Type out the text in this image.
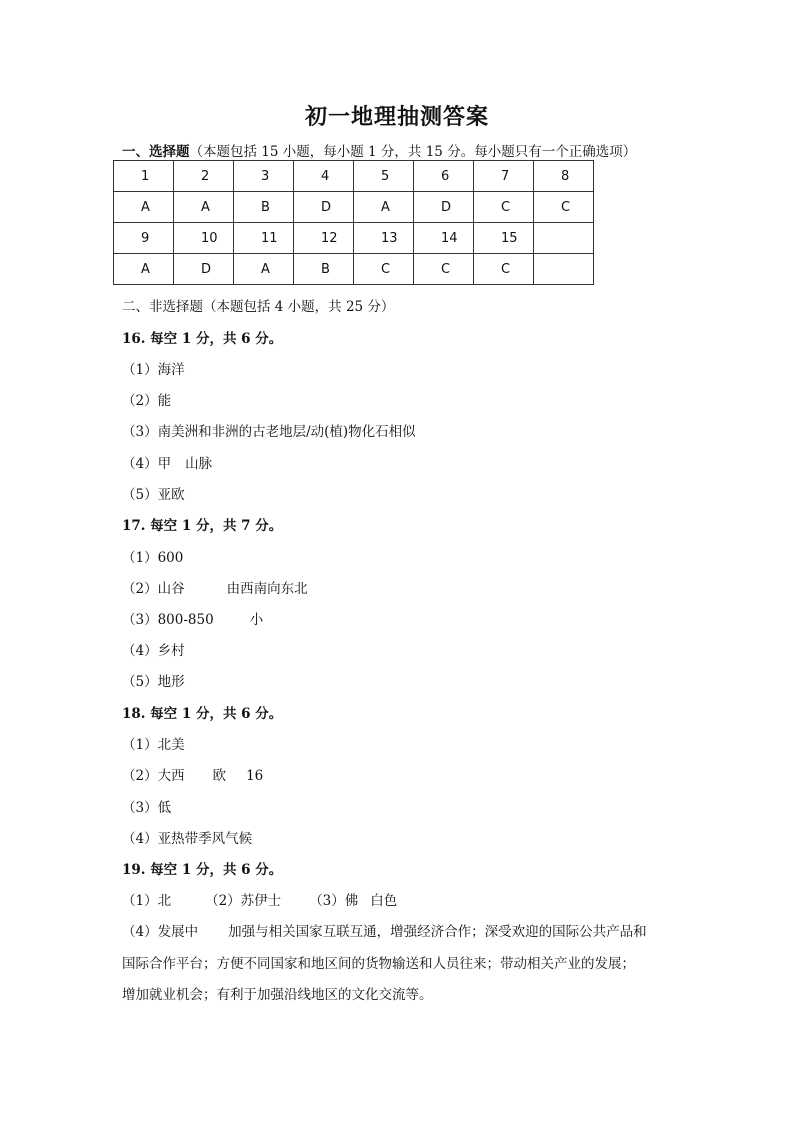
初一地理抽测答案
一、选择题（本题包括 15 小题，每小题 1 分，共 15 分。每小题只有一个正确选项）
1	2	3	4	5	6	7	8
A	A	B	D	A	D	C	C
9	10	11	12	13	14	15	
A	D	A	B	C	C	C	
二、非选择题（本题包括 4 小题，共 25 分）
16. 每空 1 分，共 6 分。
（1）海洋
（2）能
（3）南美洲和非洲的古老地层/动(植)物化石相似
（4）甲 山脉
（5）亚欧
17. 每空 1 分，共 7 分。
（1）600
（2）山谷	由西南向东北
（3）800-850	小
（4）乡村
（5）地形
18. 每空 1 分，共 6 分。
（1）北美
（2）大西 欧 16
（3）低
（4）亚热带季风气候
19. 每空 1 分，共 6 分。
（1）北	（2）苏伊士 （3）佛 白色
（4）发展中 加强与相关国家互联互通，增强经济合作；深受欢迎的国际公共产品和
国际合作平台；方便不同国家和地区间的货物输送和人员往来；带动相关产业的发展；
增加就业机会；有利于加强沿线地区的文化交流等。
